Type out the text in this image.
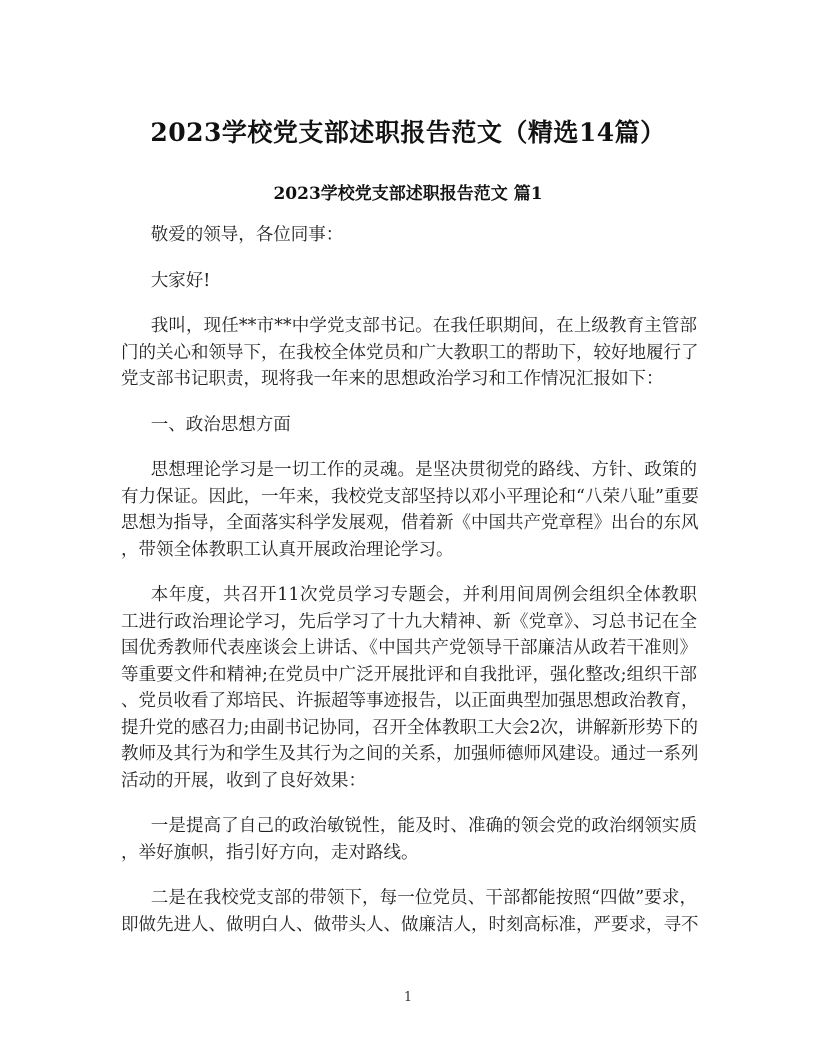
2023学校党支部述职报告范文（精选14篇）
2023学校党支部述职报告范文 篇1
敬爱的领导，各位同事：
大家好!
我叫，现任**市**中学党支部书记。在我任职期间，在上级教育主管部
门的关心和领导下，在我校全体党员和广大教职工的帮助下，较好地履行了
党支部书记职责，现将我一年来的思想政治学习和工作情况汇报如下：
一、政治思想方面
思想理论学习是一切工作的灵魂。是坚决贯彻党的路线、方针、政策的
有力保证。因此，一年来，我校党支部坚持以邓小平理论和“八荣八耻”重要
思想为指导，全面落实科学发展观，借着新《中国共产党章程》出台的东风
，带领全体教职工认真开展政治理论学习。
本年度，共召开11次党员学习专题会，并利用间周例会组织全体教职
工进行政治理论学习，先后学习了十九大精神、新《党章》、习总书记在全
国优秀教师代表座谈会上讲话、《中国共产党领导干部廉洁从政若干准则》
等重要文件和精神;在党员中广泛开展批评和自我批评，强化整改;组织干部
、党员收看了郑培民、许振超等事迹报告，以正面典型加强思想政治教育，
提升党的感召力;由副书记协同，召开全体教职工大会2次，讲解新形势下的
教师及其行为和学生及其行为之间的关系，加强师德师风建设。通过一系列
活动的开展，收到了良好效果：
一是提高了自己的政治敏锐性，能及时、准确的领会党的政治纲领实质
，举好旗帜，指引好方向，走对路线。
二是在我校党支部的带领下，每一位党员、干部都能按照“四做”要求，
即做先进人、做明白人、做带头人、做廉洁人，时刻高标准，严要求，寻不
1
